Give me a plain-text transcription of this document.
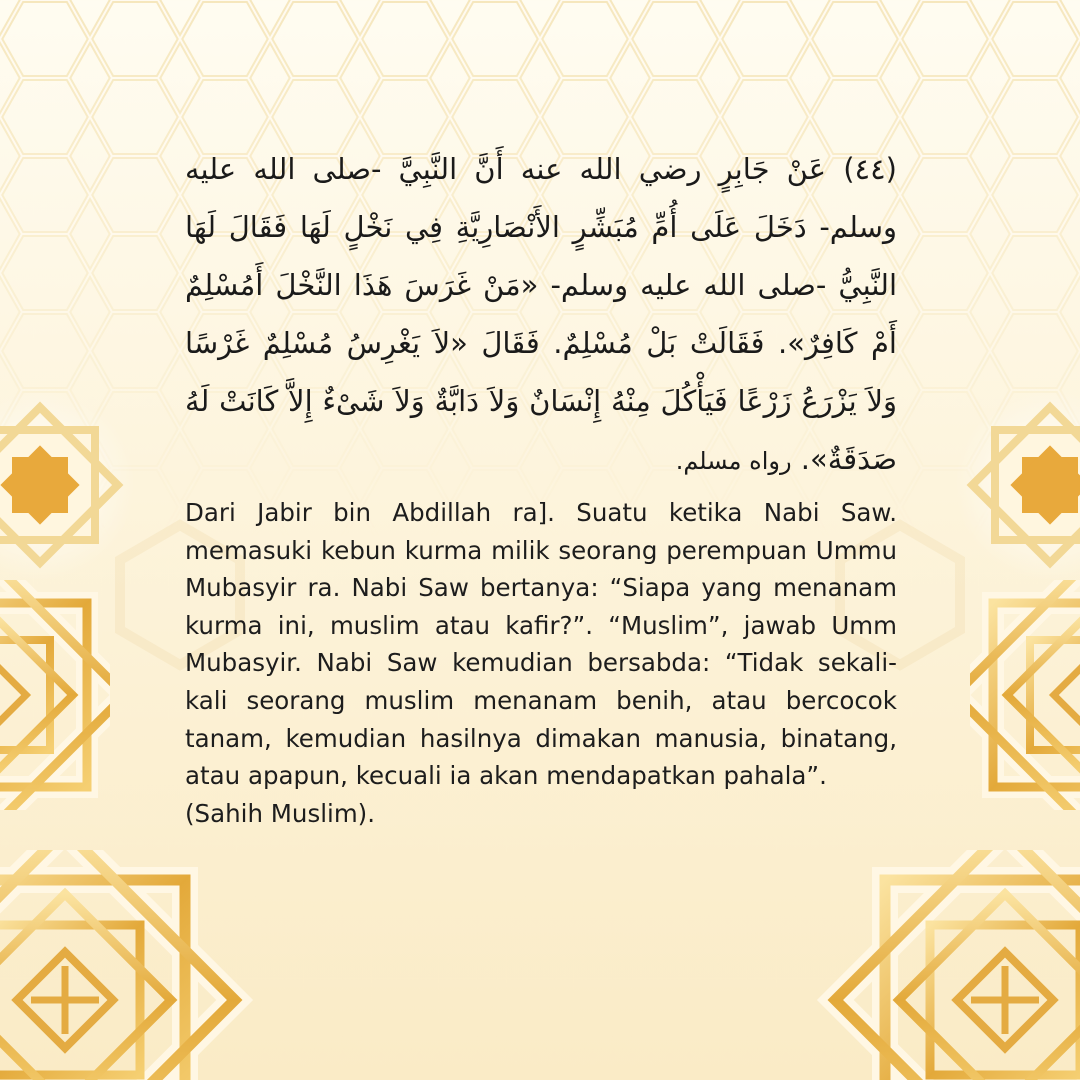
(٤٤) عَنْ جَابِرٍ رضي الله عنه أَنَّ النَّبِيَّ -صلى الله عليه وسلم- دَخَلَ عَلَى أُمِّ مُبَشِّرٍ الأَنْصَارِيَّةِ فِي نَخْلٍ لَهَا فَقَالَ لَهَا النَّبِيُّ -صلى الله عليه وسلم- «مَنْ غَرَسَ هَذَا النَّخْلَ أَمُسْلِمٌ أَمْ كَافِرٌ». فَقَالَتْ بَلْ مُسْلِمٌ. فَقَالَ «لاَ يَغْرِسُ مُسْلِمٌ غَرْسًا وَلاَ يَزْرَعُ زَرْعًا فَيَأْكُلَ مِنْهُ إِنْسَانٌ وَلاَ دَابَّةٌ وَلاَ شَىْءٌ إِلاَّ كَانَتْ لَهُ صَدَقَةٌ». رواه مسلم.

Dari Jabir bin Abdillah ra]. Suatu ketika Nabi Saw. memasuki kebun kurma milik seorang perempuan Ummu Mubasyir ra. Nabi Saw bertanya: “Siapa yang menanam kurma ini, muslim atau kafir?”. “Muslim”, jawab Umm Mubasyir. Nabi Saw kemudian bersabda: “Tidak sekali-kali seorang muslim menanam benih, atau bercocok tanam, kemudian hasilnya dimakan manusia, binatang, atau apapun, kecuali ia akan mendapatkan pahala”.
(Sahih Muslim).
